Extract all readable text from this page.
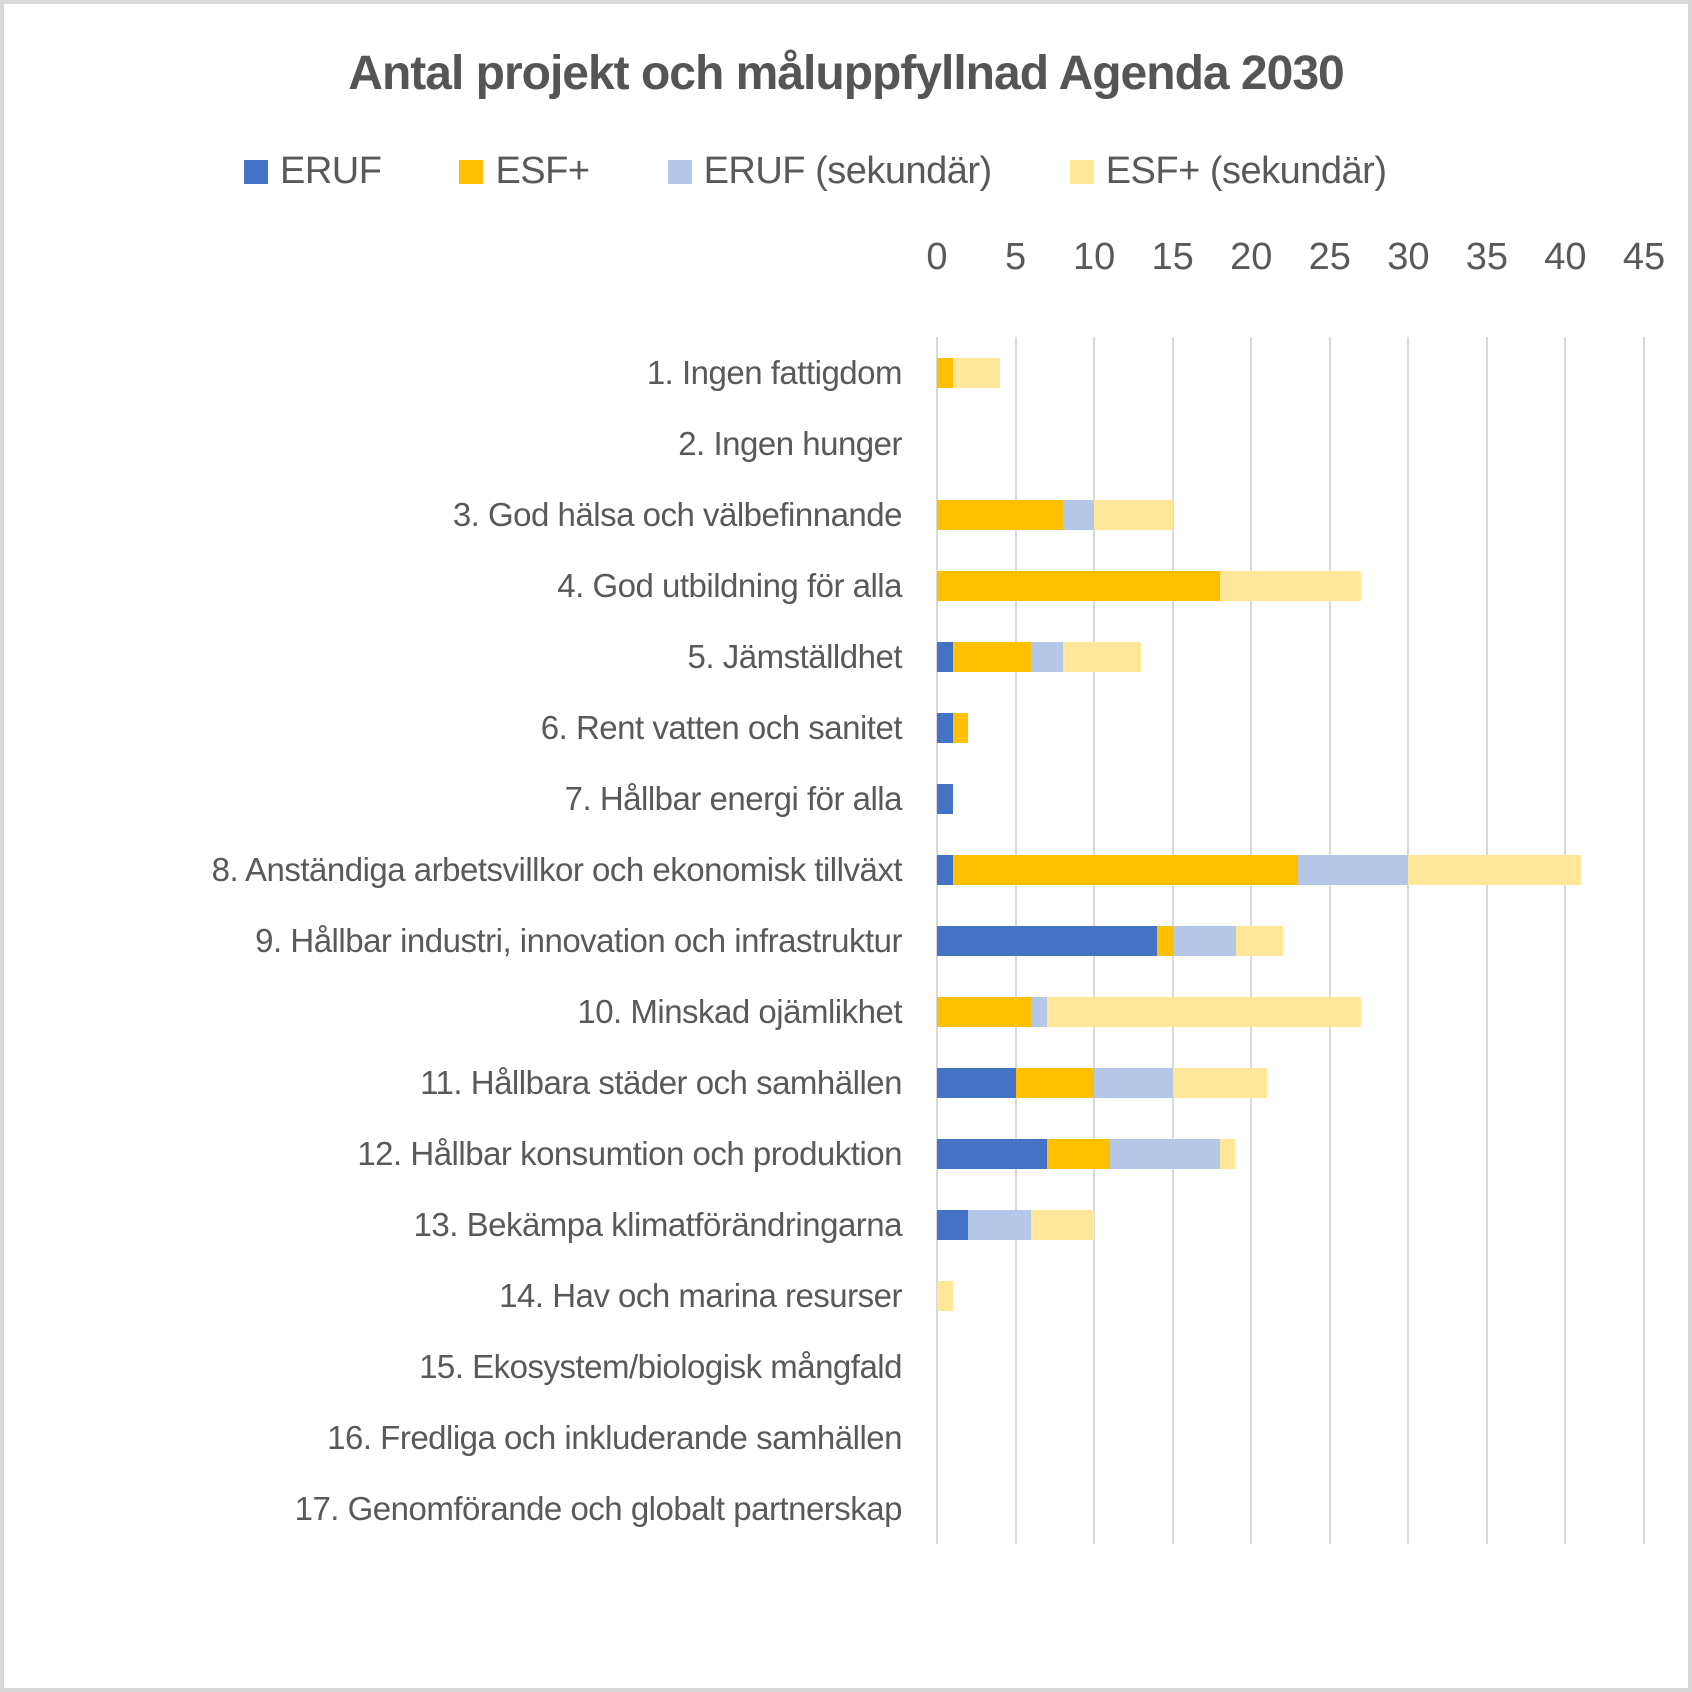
Antal projekt och måluppfyllnad Agenda 2030
ERUF	ESF+	ERUF (sekundär)	ESF+ (sekundär)
0	5	10 15 20 25 30 35 40 45
1. Ingen fattigdom
2. Ingen hunger
3. God hälsa och välbefinnande
4. God utbildning för alla
5. Jämställdhet
6. Rent vatten och sanitet
7. Hållbar energi för alla
8. Anständiga arbetsvillkor och ekonomisk tillväxt
9. Hållbar industri, innovation och infrastruktur
10. Minskad ojämlikhet
11. Hållbara städer och samhällen
12. Hållbar konsumtion och produktion
13. Bekämpa klimatförändringarna
14. Hav och marina resurser
15. Ekosystem/biologisk mångfald
16. Fredliga och inkluderande samhällen
17. Genomförande och globalt partnerskap
